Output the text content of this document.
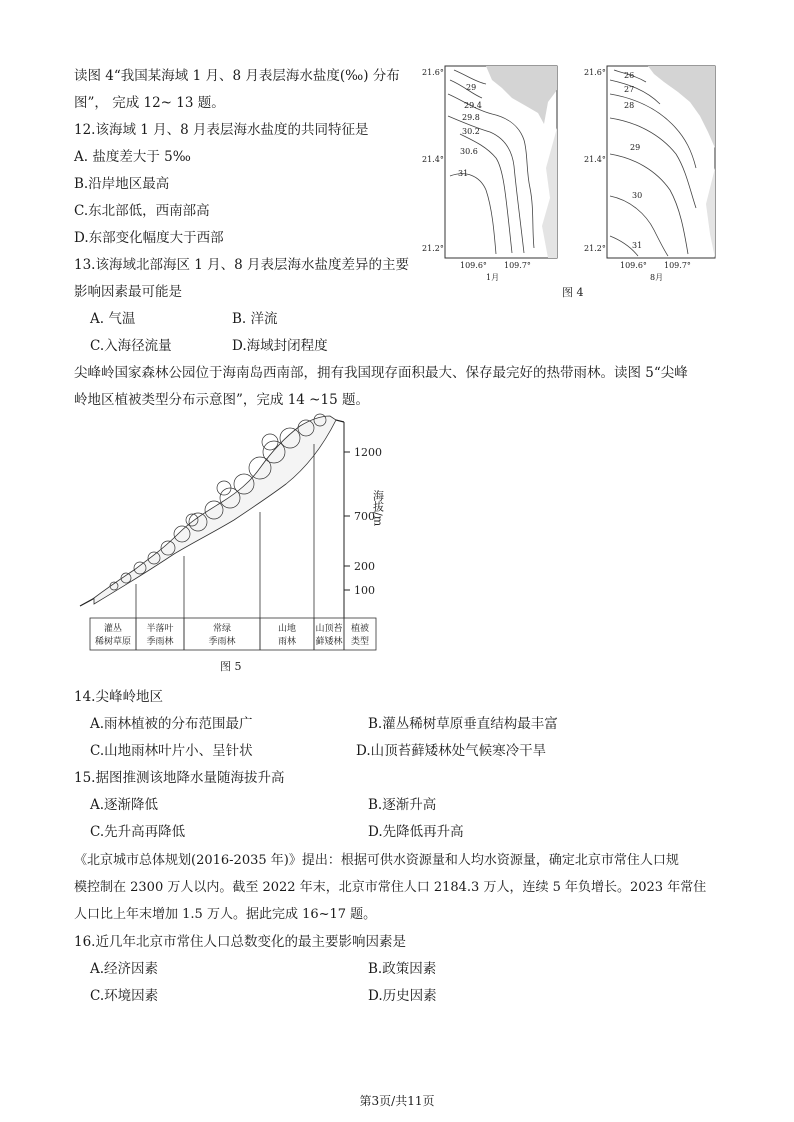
读图 4“我国某海域 1 月、8 月表层海水盐度(‰) 分布
图”， 完成 12~ 13 题。
12.该海域 1 月、8 月表层海水盐度的共同特征是
A. 盐度差大于 5‰
B.沿岸地区最高
C.东北部低，西南部高
D.东部变化幅度大于西部
13.该海域北部海区 1 月、8 月表层海水盐度差异的主要
影响因素最可能是
A. 气温	B. 洋流
C.入海径流量	D.海域封闭程度
29
29.4
29.8
30.2
30.6
31
21.6°
21.4°
21.2°
109.6° 109.7°
1月
26
27
28
29
30
31
21.6°
21.4°
21.2°
109.6° 109.7°
8月
图 4
尖峰岭国家森林公园位于海南岛西南部，拥有我国现存面积最大、保存最完好的热带雨林。读图 5“尖峰
岭地区植被类型分布示意图”，完成 14 ~15 题。
1200
700
200
100
海拔/m
灌丛
稀树草原
半落叶
季雨林
常绿
季雨林
山地
雨林
山顶苔
藓矮林
植被
类型
图 5
14.尖峰岭地区
A.雨林植被的分布范围最广	B.灌丛稀树草原垂直结构最丰富
C.山地雨林叶片小、呈针状	D.山顶苔藓矮林处气候寒冷干旱
15.据图推测该地降水量随海拔升高
A.逐渐降低	B.逐渐升高
C.先升高再降低	D.先降低再升高
《北京城市总体规划(2016-2035 年)》提出：根据可供水资源量和人均水资源量，确定北京市常住人口规
模控制在 2300 万人以内。截至 2022 年末，北京市常住人口 2184.3 万人，连续 5 年负增长。2023 年常住
人口比上年末增加 1.5 万人。据此完成 16~17 题。
16.近几年北京市常住人口总数变化的最主要影响因素是
A.经济因素	B.政策因素
C.环境因素	D.历史因素
第3页/共11页
